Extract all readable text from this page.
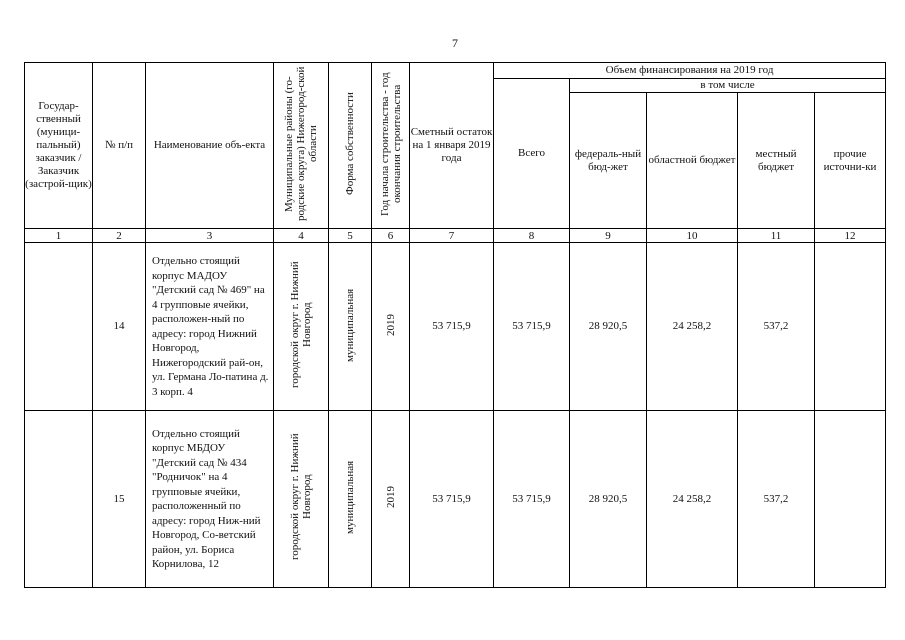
7
Государ-ственный (муници-пальный) заказчик / Заказчик (застрой-щик)	№ п/п	Наименование объ-екта	Муниципальные районы (го-родские округа) Нижегород-ской области	Форма собственности	Год начала строительства - год окончания строительства	Сметный остаток на 1 января 2019 года	Объем финансирования на 2019 год				
							Всего	в том числе			
								федераль-ный бюд-жет	областной бюджет	местный бюджет	прочие источни-ки
1	2	3	4	5	6	7	8	9	10	11	12
	14	Отдельно стоящий корпус МАДОУ "Детский сад № 469" на 4 групповые ячейки, расположен-ный по адресу: город Нижний Новгород, Нижегородский рай-он, ул. Германа Ло-патина д. 3 корп. 4	городской округ г. Нижний Новгород	муниципальная	2019	53 715,9	53 715,9	28 920,5	24 258,2	537,2	
	15	Отдельно стоящий корпус МБДОУ "Детский сад № 434 "Родничок" на 4 групповые ячейки, расположенный по адресу: город Ниж-ний Новгород, Со-ветский район, ул. Бориса Корнилова, 12	городской округ г. Нижний Новгород	муниципальная	2019	53 715,9	53 715,9	28 920,5	24 258,2	537,2	
